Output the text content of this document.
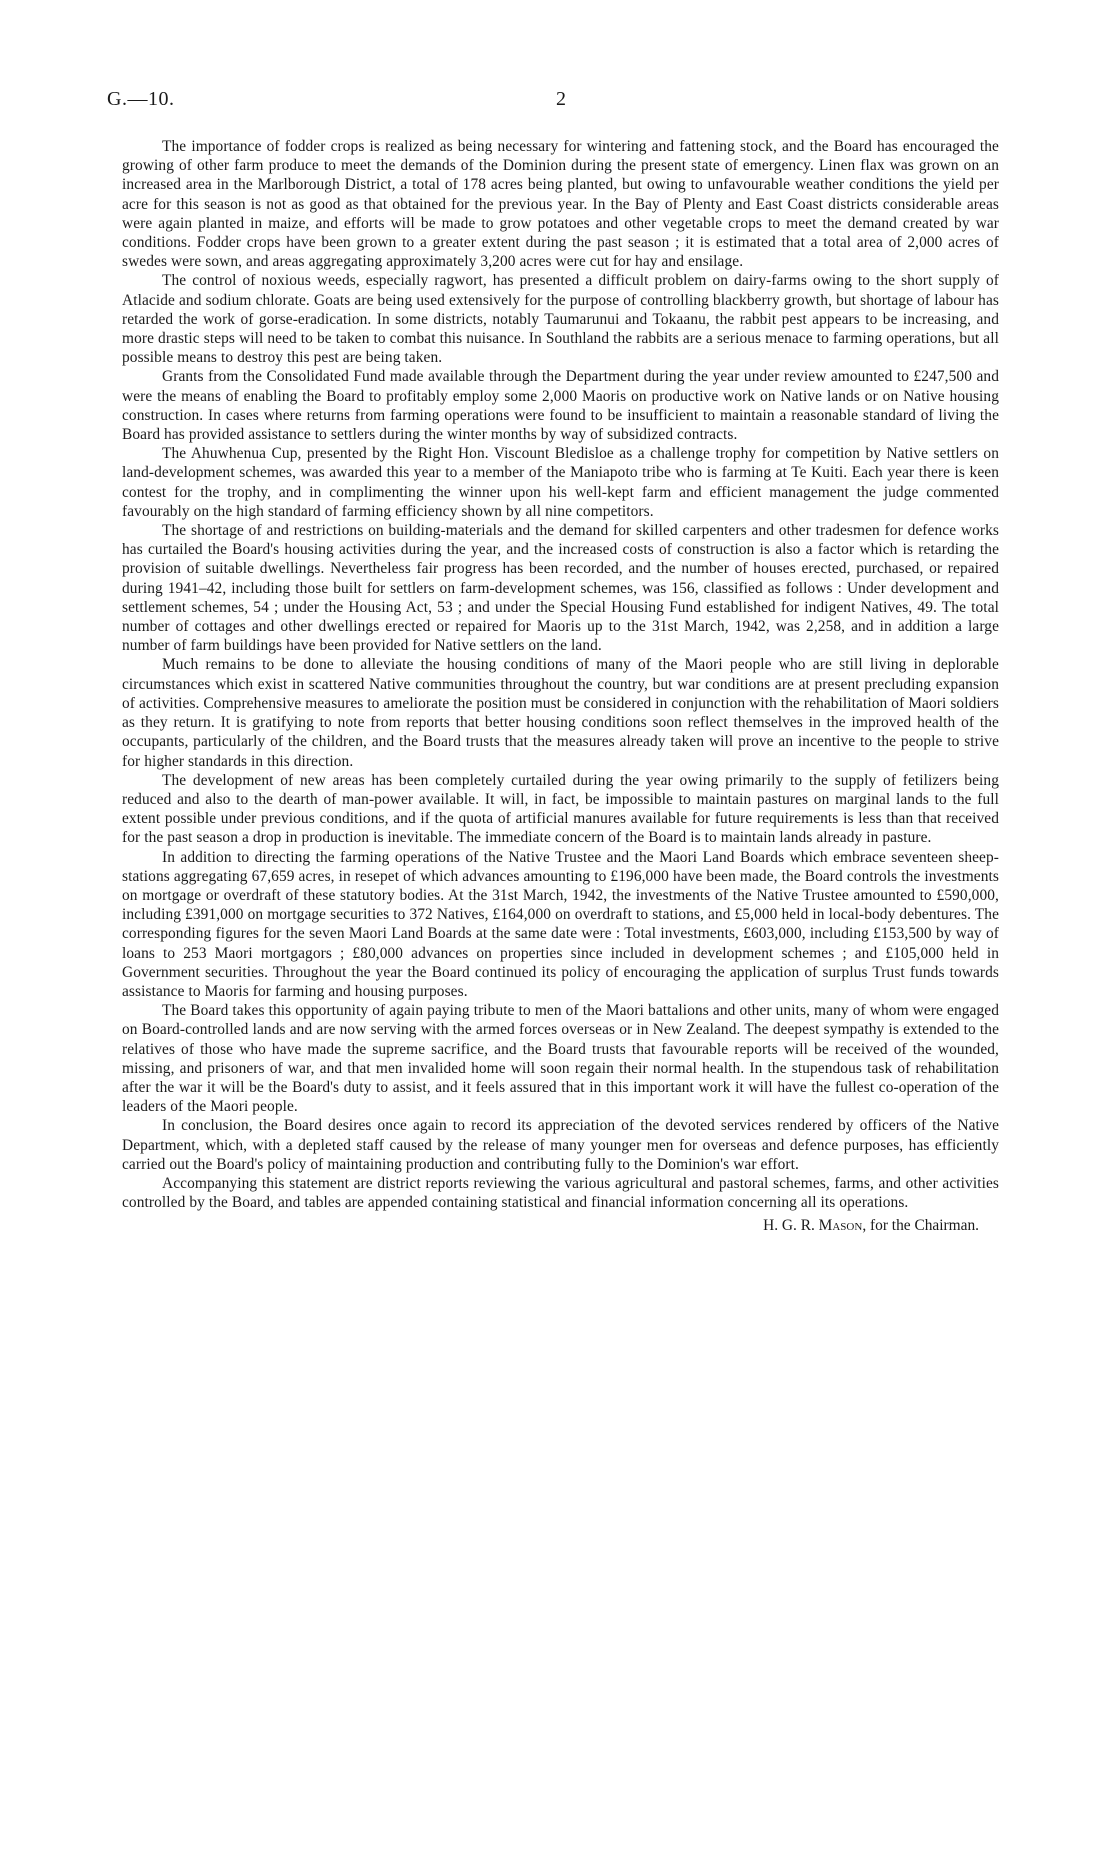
G.—10.	2

The importance of fodder crops is realized as being necessary for wintering and fattening stock, and the Board has encouraged the growing of other farm produce to meet the demands of the Dominion during the present state of emergency. Linen flax was grown on an increased area in the Marlborough District, a total of 178 acres being planted, but owing to unfavourable weather conditions the yield per acre for this season is not as good as that obtained for the previous year. In the Bay of Plenty and East Coast districts considerable areas were again planted in maize, and efforts will be made to grow potatoes and other vegetable crops to meet the demand created by war conditions. Fodder crops have been grown to a greater extent during the past season ; it is estimated that a total area of 2,000 acres of swedes were sown, and areas aggregating approximately 3,200 acres were cut for hay and ensilage.

The control of noxious weeds, especially ragwort, has presented a difficult problem on dairy-farms owing to the short supply of Atlacide and sodium chlorate. Goats are being used extensively for the purpose of controlling blackberry growth, but shortage of labour has retarded the work of gorse-eradication. In some districts, notably Taumarunui and Tokaanu, the rabbit pest appears to be increasing, and more drastic steps will need to be taken to combat this nuisance. In Southland the rabbits are a serious menace to farming operations, but all possible means to destroy this pest are being taken.

Grants from the Consolidated Fund made available through the Department during the year under review amounted to £247,500 and were the means of enabling the Board to profitably employ some 2,000 Maoris on productive work on Native lands or on Native housing construction. In cases where returns from farming operations were found to be insufficient to maintain a reasonable standard of living the Board has provided assistance to settlers during the winter months by way of subsidized contracts.

The Ahuwhenua Cup, presented by the Right Hon. Viscount Bledisloe as a challenge trophy for competition by Native settlers on land-development schemes, was awarded this year to a member of the Maniapoto tribe who is farming at Te Kuiti. Each year there is keen contest for the trophy, and in complimenting the winner upon his well-kept farm and efficient management the judge commented favourably on the high standard of farming efficiency shown by all nine competitors.

The shortage of and restrictions on building-materials and the demand for skilled carpenters and other tradesmen for defence works has curtailed the Board's housing activities during the year, and the increased costs of construction is also a factor which is retarding the provision of suitable dwellings. Nevertheless fair progress has been recorded, and the number of houses erected, purchased, or repaired during 1941–42, including those built for settlers on farm-development schemes, was 156, classified as follows : Under development and settlement schemes, 54 ; under the Housing Act, 53 ; and under the Special Housing Fund established for indigent Natives, 49. The total number of cottages and other dwellings erected or repaired for Maoris up to the 31st March, 1942, was 2,258, and in addition a large number of farm buildings have been provided for Native settlers on the land.

Much remains to be done to alleviate the housing conditions of many of the Maori people who are still living in deplorable circumstances which exist in scattered Native communities throughout the country, but war conditions are at present precluding expansion of activities. Comprehensive measures to ameliorate the position must be considered in conjunction with the rehabilitation of Maori soldiers as they return. It is gratifying to note from reports that better housing conditions soon reflect themselves in the improved health of the occupants, particularly of the children, and the Board trusts that the measures already taken will prove an incentive to the people to strive for higher standards in this direction.

The development of new areas has been completely curtailed during the year owing primarily to the supply of fetilizers being reduced and also to the dearth of man-power available. It will, in fact, be impossible to maintain pastures on marginal lands to the full extent possible under previous conditions, and if the quota of artificial manures available for future requirements is less than that received for the past season a drop in production is inevitable. The immediate concern of the Board is to maintain lands already in pasture.

In addition to directing the farming operations of the Native Trustee and the Maori Land Boards which embrace seventeen sheep-stations aggregating 67,659 acres, in resepet of which advances amounting to £196,000 have been made, the Board controls the investments on mortgage or overdraft of these statutory bodies. At the 31st March, 1942, the investments of the Native Trustee amounted to £590,000, including £391,000 on mortgage securities to 372 Natives, £164,000 on overdraft to stations, and £5,000 held in local-body debentures. The corresponding figures for the seven Maori Land Boards at the same date were : Total investments, £603,000, including £153,500 by way of loans to 253 Maori mortgagors ; £80,000 advances on properties since included in development schemes ; and £105,000 held in Government securities. Throughout the year the Board continued its policy of encouraging the application of surplus Trust funds towards assistance to Maoris for farming and housing purposes.

The Board takes this opportunity of again paying tribute to men of the Maori battalions and other units, many of whom were engaged on Board-controlled lands and are now serving with the armed forces overseas or in New Zealand. The deepest sympathy is extended to the relatives of those who have made the supreme sacrifice, and the Board trusts that favourable reports will be received of the wounded, missing, and prisoners of war, and that men invalided home will soon regain their normal health. In the stupendous task of rehabilitation after the war it will be the Board's duty to assist, and it feels assured that in this important work it will have the fullest co-operation of the leaders of the Maori people.

In conclusion, the Board desires once again to record its appreciation of the devoted services rendered by officers of the Native Department, which, with a depleted staff caused by the release of many younger men for overseas and defence purposes, has efficiently carried out the Board's policy of maintaining production and contributing fully to the Dominion's war effort.

Accompanying this statement are district reports reviewing the various agricultural and pastoral schemes, farms, and other activities controlled by the Board, and tables are appended containing statistical and financial information concerning all its operations.

H. G. R. Mason, for the Chairman.
